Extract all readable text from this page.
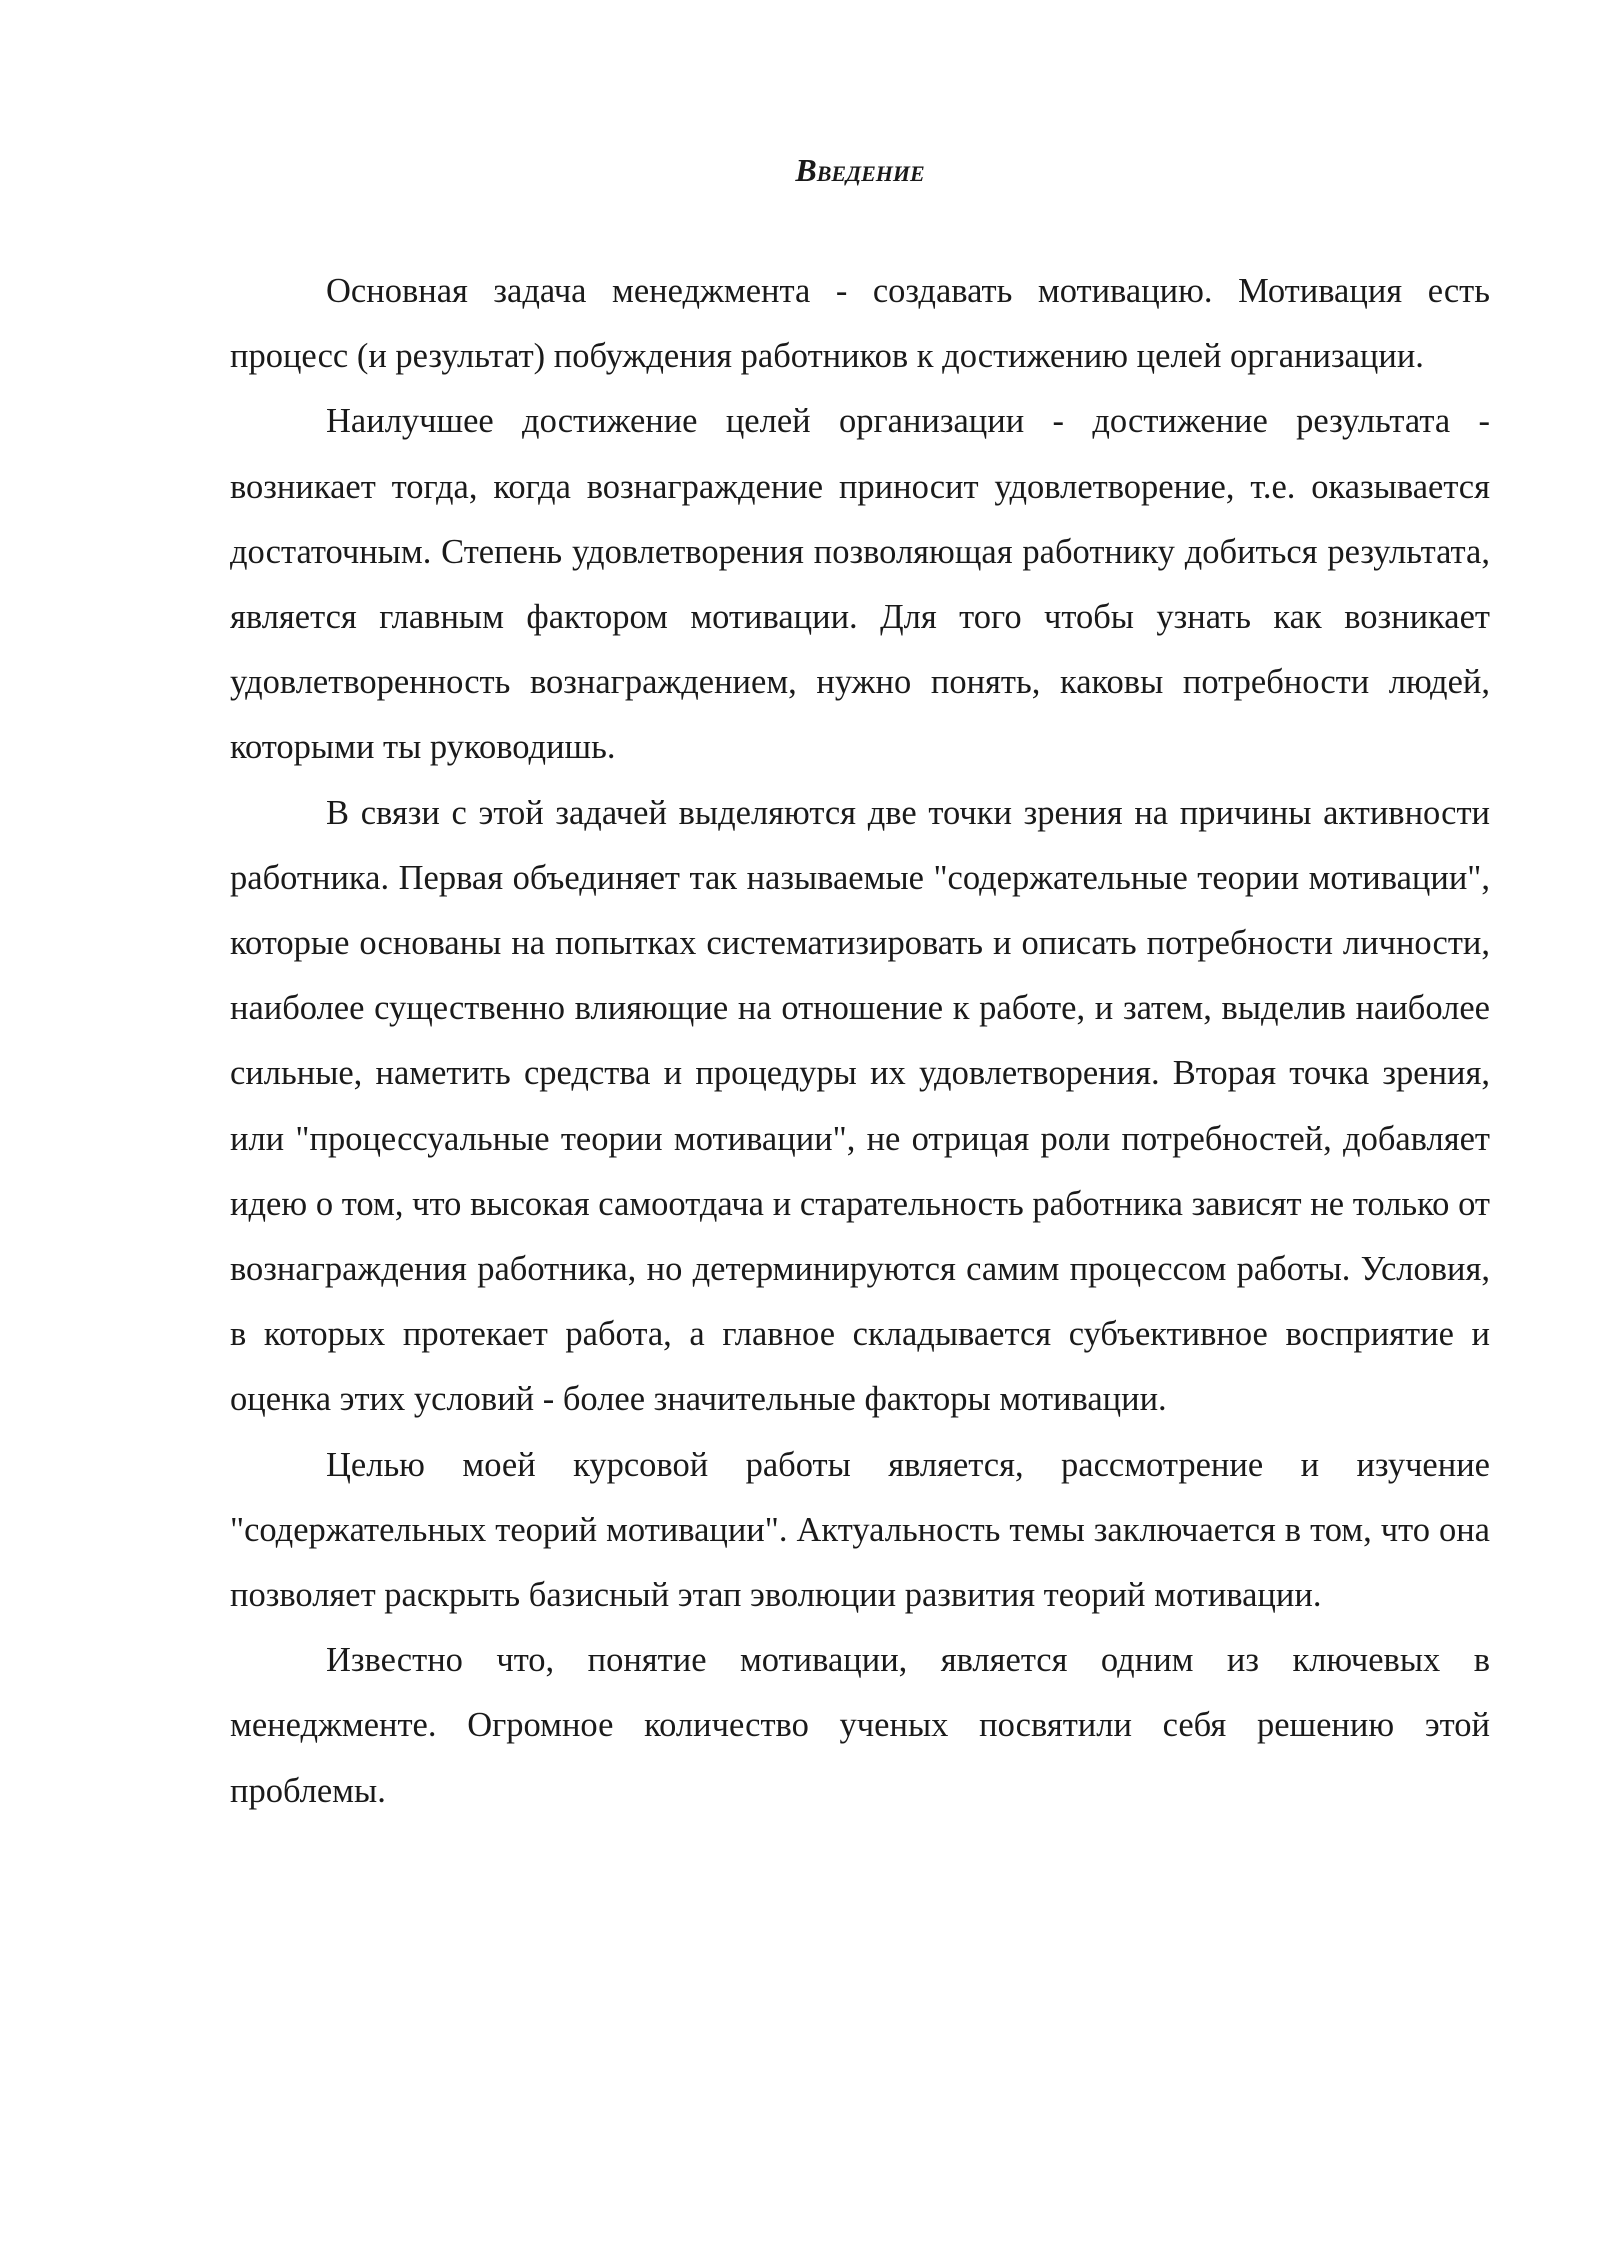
Введение

Основная задача менеджмента - создавать мотивацию. Мотивация есть процесс (и результат) побуждения работников к достижению целей организации.

Наилучшее достижение целей организации - достижение результата - возникает тогда, когда вознаграждение приносит удовлетворение, т.е. оказывается достаточным. Степень удовлетворения позволяющая работнику добиться результата, является главным фактором мотивации. Для того чтобы узнать как возникает удовлетворенность вознаграждением, нужно понять, каковы потребности людей, которыми ты руководишь.

В связи с этой задачей выделяются две точки зрения на причины активности работника. Первая объединяет так называемые "содержательные теории мотивации", которые основаны на попытках систематизировать и описать потребности личности, наиболее существенно влияющие на отношение к работе, и затем, выделив наиболее сильные, наметить средства и процедуры их удовлетворения. Вторая точка зрения, или "процессуальные теории мотивации", не отрицая роли потребностей, добавляет идею о том, что высокая самоотдача и старательность работника зависят не только от вознаграждения работника, но детерминируются самим процессом работы. Условия, в которых протекает работа, а главное складывается субъективное восприятие и оценка этих условий - более значительные факторы мотивации.

Целью моей курсовой работы является, рассмотрение и изучение "содержательных теорий мотивации". Актуальность темы заключается в том, что она позволяет раскрыть базисный этап эволюции развития теорий мотивации.

Известно что, понятие мотивации, является одним из ключевых в менеджменте. Огромное количество ученых посвятили себя решению этой проблемы.
